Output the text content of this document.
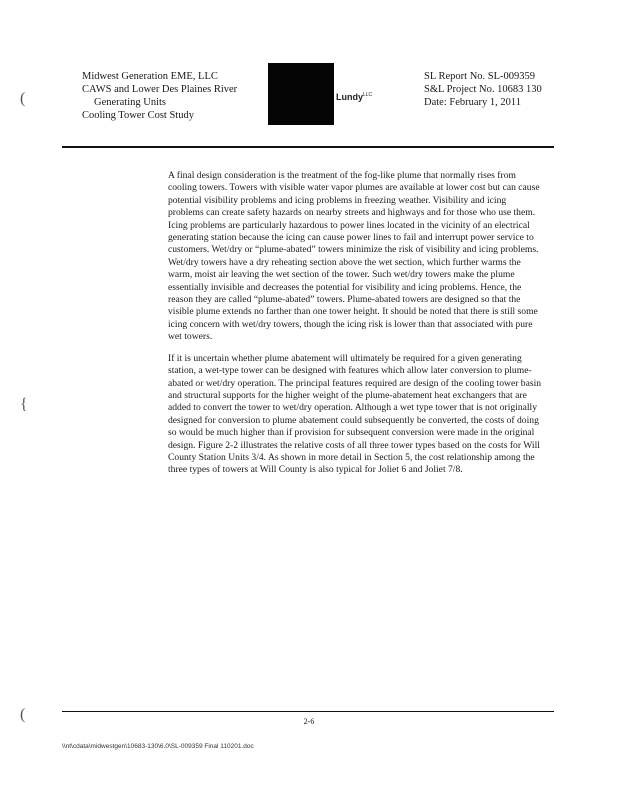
Midwest Generation EME, LLC
CAWS and Lower Des Plaines River
Generating Units
Cooling Tower Cost Study
Lundy$^{LLC}$
SL Report No. SL-009359
S&L Project No. 10683 130
Date: February 1, 2011
(
{
(

A final design consideration is the treatment of the fog-like plume that normally rises from cooling towers. Towers with visible water vapor plumes are available at lower cost but can cause potential visibility problems and icing problems in freezing weather. Visibility and icing problems can create safety hazards on nearby streets and highways and for those who use them. Icing problems are particularly hazardous to power lines located in the vicinity of an electrical generating station because the icing can cause power lines to fail and interrupt power service to customers. Wet/dry or “plume-abated” towers minimize the risk of visibility and icing problems. Wet/dry towers have a dry reheating section above the wet section, which further warms the warm, moist air leaving the wet section of the tower. Such wet/dry towers make the plume essentially invisible and decreases the potential for visibility and icing problems. Hence, the reason they are called “plume-abated” towers. Plume-abated towers are designed so that the visible plume extends no farther than one tower height. It should be noted that there is still some icing concern with wet/dry towers, though the icing risk is lower than that associated with pure wet towers.

If it is uncertain whether plume abatement will ultimately be required for a given generating station, a wet-type tower can be designed with features which allow later conversion to plume-abated or wet/dry operation. The principal features required are design of the cooling tower basin and structural supports for the higher weight of the plume-abatement heat exchangers that are added to convert the tower to wet/dry operation. Although a wet type tower that is not originally designed for conversion to plume abatement could subsequently be converted, the costs of doing so would be much higher than if provision for subsequent conversion were made in the original design. Figure 2-2 illustrates the relative costs of all three tower types based on the costs for Will County Station Units 3/4. As shown in more detail in Section 5, the cost relationship among the three types of towers at Will County is also typical for Joliet 6 and Joliet 7/8.

2-6
\\nt\cdata\midwestgen\10683-130\6.0\SL-009359 Final 110201.doc
